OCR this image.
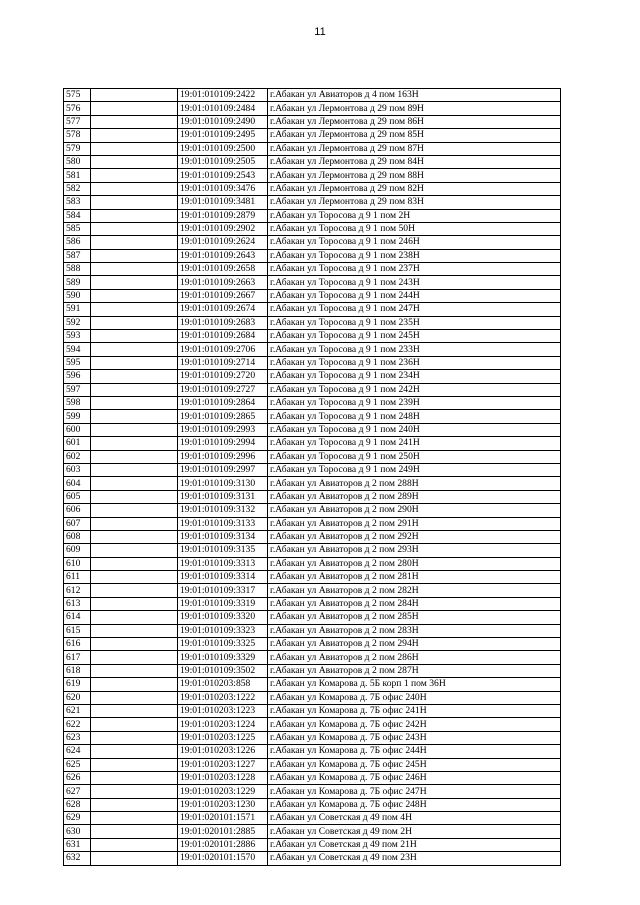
11
575		19:01:010109:2422	г.Абакан ул Авиаторов д 4 пом 163Н
576		19:01:010109:2484	г.Абакан ул Лермонтова д 29 пом 89Н
577		19:01:010109:2490	г.Абакан ул Лермонтова д 29 пом 86Н
578		19:01:010109:2495	г.Абакан ул Лермонтова д 29 пом 85Н
579		19:01:010109:2500	г.Абакан ул Лермонтова д 29 пом 87Н
580		19:01:010109:2505	г.Абакан ул Лермонтова д 29 пом 84Н
581		19:01:010109:2543	г.Абакан ул Лермонтова д 29 пом 88Н
582		19:01:010109:3476	г.Абакан ул Лермонтова д 29 пом 82Н
583		19:01:010109:3481	г.Абакан ул Лермонтова д 29 пом 83Н
584		19:01:010109:2879	г.Абакан ул Торосова д 9 1 пом 2Н
585		19:01:010109:2902	г.Абакан ул Торосова д 9 1 пом 50Н
586		19:01:010109:2624	г.Абакан ул Торосова д 9 1 пом 246Н
587		19:01:010109:2643	г.Абакан ул Торосова д 9 1 пом 238Н
588		19:01:010109:2658	г.Абакан ул Торосова д 9 1 пом 237Н
589		19:01:010109:2663	г.Абакан ул Торосова д 9 1 пом 243Н
590		19:01:010109:2667	г.Абакан ул Торосова д 9 1 пом 244Н
591		19:01:010109:2674	г.Абакан ул Торосова д 9 1 пом 247Н
592		19:01:010109:2683	г.Абакан ул Торосова д 9 1 пом 235Н
593		19:01:010109:2684	г.Абакан ул Торосова д 9 1 пом 245Н
594		19:01:010109:2706	г.Абакан ул Торосова д 9 1 пом 233Н
595		19:01:010109:2714	г.Абакан ул Торосова д 9 1 пом 236Н
596		19:01:010109:2720	г.Абакан ул Торосова д 9 1 пом 234Н
597		19:01:010109:2727	г.Абакан ул Торосова д 9 1 пом 242Н
598		19:01:010109:2864	г.Абакан ул Торосова д 9 1 пом 239Н
599		19:01:010109:2865	г.Абакан ул Торосова д 9 1 пом 248Н
600		19:01:010109:2993	г.Абакан ул Торосова д 9 1 пом 240Н
601		19:01:010109:2994	г.Абакан ул Торосова д 9 1 пом 241Н
602		19:01:010109:2996	г.Абакан ул Торосова д 9 1 пом 250Н
603		19:01:010109:2997	г.Абакан ул Торосова д 9 1 пом 249Н
604		19:01:010109:3130	г.Абакан ул Авиаторов д 2 пом 288Н
605		19:01:010109:3131	г.Абакан ул Авиаторов д 2 пом 289Н
606		19:01:010109:3132	г.Абакан ул Авиаторов д 2 пом 290Н
607		19:01:010109:3133	г.Абакан ул Авиаторов д 2 пом 291Н
608		19:01:010109:3134	г.Абакан ул Авиаторов д 2 пом 292Н
609		19:01:010109:3135	г.Абакан ул Авиаторов д 2 пом 293Н
610		19:01:010109:3313	г.Абакан ул Авиаторов д 2 пом 280Н
611		19:01:010109:3314	г.Абакан ул Авиаторов д 2 пом 281Н
612		19:01:010109:3317	г.Абакан ул Авиаторов д 2 пом 282Н
613		19:01:010109:3319	г.Абакан ул Авиаторов д 2 пом 284Н
614		19:01:010109:3320	г.Абакан ул Авиаторов д 2 пом 285Н
615		19:01:010109:3323	г.Абакан ул Авиаторов д 2 пом 283Н
616		19:01:010109:3325	г.Абакан ул Авиаторов д 2 пом 294Н
617		19:01:010109:3329	г.Абакан ул Авиаторов д 2 пом 286Н
618		19:01:010109:3502	г.Абакан ул Авиаторов д 2 пом 287Н
619		19:01:010203:858	г.Абакан ул Комарова д. 5Б корп 1 пом 36Н
620		19:01:010203:1222	г.Абакан ул Комарова д. 7Б офис 240Н
621		19:01:010203:1223	г.Абакан ул Комарова д. 7Б офис 241Н
622		19:01:010203:1224	г.Абакан ул Комарова д. 7Б офис 242Н
623		19:01:010203:1225	г.Абакан ул Комарова д. 7Б офис 243Н
624		19:01:010203:1226	г.Абакан ул Комарова д. 7Б офис 244Н
625		19:01:010203:1227	г.Абакан ул Комарова д. 7Б офис 245Н
626		19:01:010203:1228	г.Абакан ул Комарова д. 7Б офис 246Н
627		19:01:010203:1229	г.Абакан ул Комарова д. 7Б офис 247Н
628		19:01:010203:1230	г.Абакан ул Комарова д. 7Б офис 248Н
629		19:01:020101:1571	г.Абакан ул Советская д 49 пом 4Н
630		19:01:020101:2885	г.Абакан ул Советская д 49 пом 2Н
631		19:01:020101:2886	г.Абакан ул Советская д 49 пом 21Н
632		19:01:020101:1570	г.Абакан ул Советская д 49 пом 23Н
